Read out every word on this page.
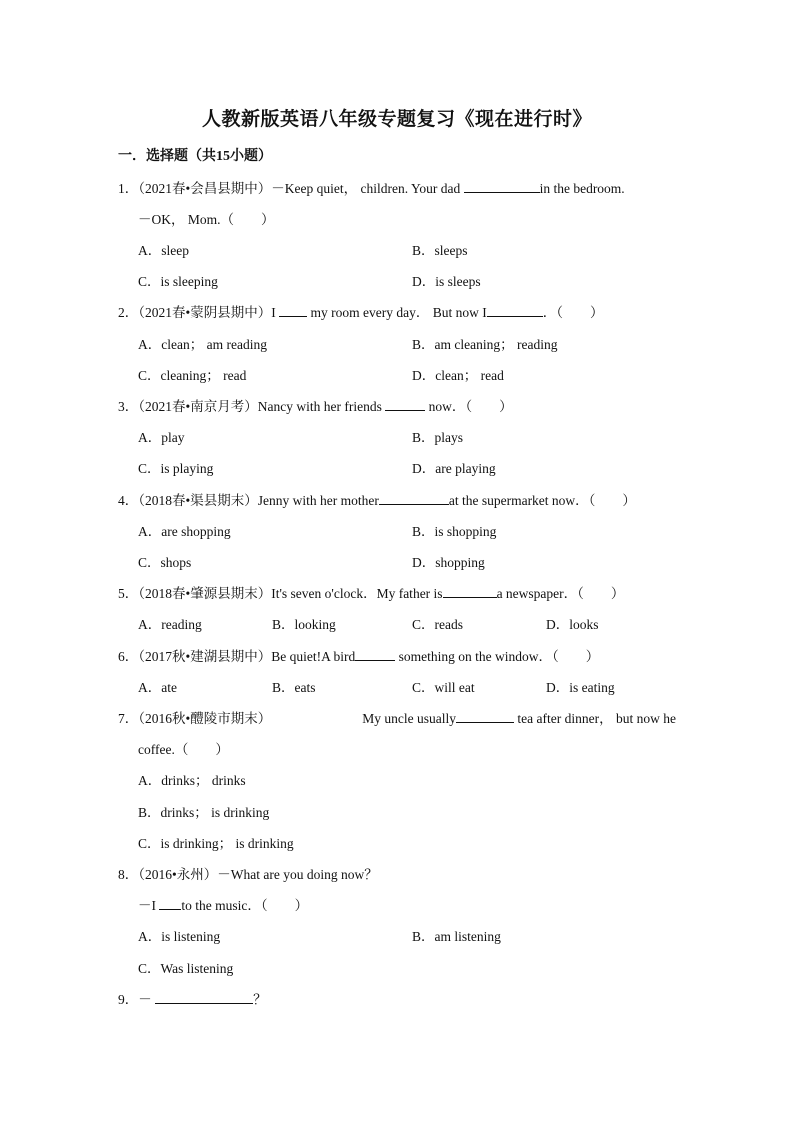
人教新版英语八年级专题复习《现在进行时》
一．选择题（共15小题）
1．（2021春•会昌县期中）－Keep quiet， children. Your dad	in the bedroom.
－OK， Mom.（　　）
A．sleep	B．sleeps
C．is sleeping	D．is sleeps
2．（2021春•蒙阴县期中）I  my room every day． But now I	．（　　）
A．clean； am reading	B．am cleaning； reading
C．cleaning； read	D．clean； read
3．（2021春•南京月考）Nancy with her friends	now．（　　）
A．play	B．plays
C．is playing	D．are playing
4．（2018春•渠县期末）Jenny with her mother	at the supermarket now．（　　）
A．are shopping	B．is shopping
C．shops	D．shopping
5．（2018春•肇源县期末）It's seven o'clock．My father is	a newspaper．（　　）
A．reading	B．looking	C．reads	D．looks
6．（2017秋•建湖县期中）Be quiet!A bird	something on the window．（　　）
A．ate	B．eats	C．will eat	D．is eating
7．（2016秋•醴陵市期末）	My uncle usually	tea after dinner， but now he
coffee.（　　）
A．drinks； drinks
B．drinks； is drinking
C．is drinking； is drinking
8．（2016•永州）－What are you doing now？
－I to the music．（　　）
A．is listening	B．am listening
C．Was listening
9．－	？
